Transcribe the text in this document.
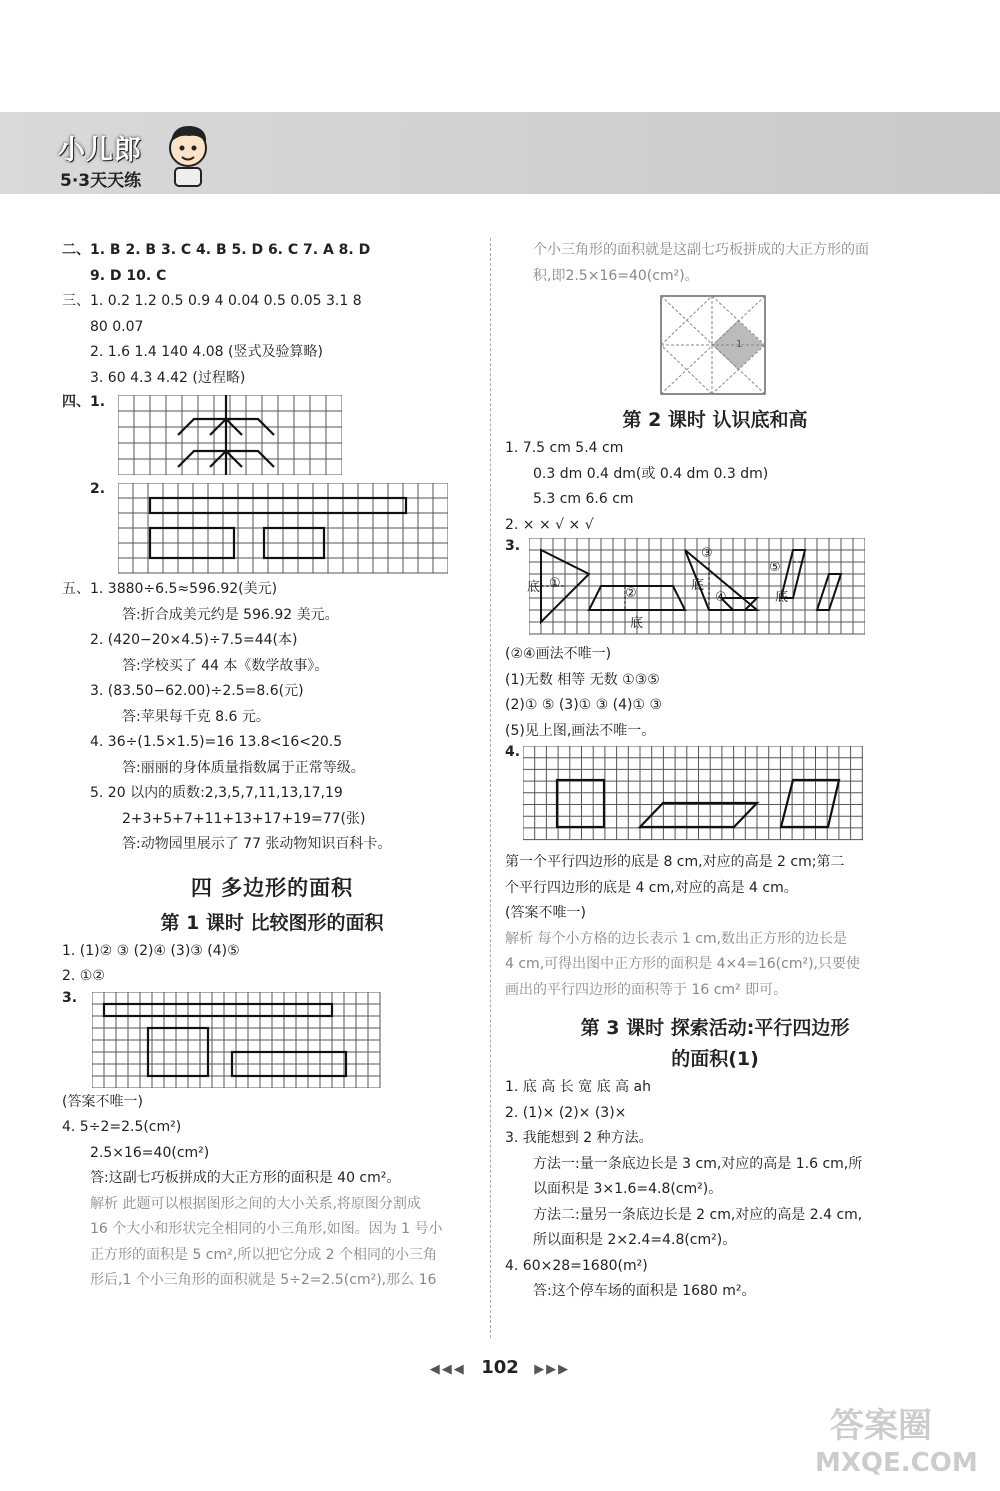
小儿郎
5·3天天练
二、1. B 2. B 3. C 4. B 5. D 6. C 7. A 8. D
9. D 10. C
三、1. 0.2 1.2 0.5 0.9 4 0.04 0.5 0.05 3.1 8
80 0.07
2. 1.6 1.4 140 4.08 (竖式及验算略)
3. 60 4.3 4.42 (过程略)
四、1.
2.
五、1. 3880÷6.5≈596.92(美元)
答:折合成美元约是 596.92 美元。
2. (420−20×4.5)÷7.5=44(本)
答:学校买了 44 本《数学故事》。
3. (83.50−62.00)÷2.5=8.6(元)
答:苹果每千克 8.6 元。
4. 36÷(1.5×1.5)=16 13.8<16<20.5
答:丽丽的身体质量指数属于正常等级。
5. 20 以内的质数:2,3,5,7,11,13,17,19
2+3+5+7+11+13+17+19=77(张)
答:动物园里展示了 77 张动物知识百科卡。
四 多边形的面积
第 1 课时 比较图形的面积
1. (1)② ③ (2)④ (3)③ (4)⑤
2. ①②
3.
(答案不唯一)
4. 5÷2=2.5(cm²)
2.5×16=40(cm²)
答:这副七巧板拼成的大正方形的面积是 40 cm²。
解析 此题可以根据图形之间的大小关系,将原图分割成
16 个大小和形状完全相同的小三角形,如图。因为 1 号小
正方形的面积是 5 cm²,所以把它分成 2 个相同的小三角
形后,1 个小三角形的面积就是 5÷2=2.5(cm²),那么 16
个小三角形的面积就是这副七巧板拼成的大正方形的面
积,即2.5×16=40(cm²)。
1
第 2 课时 认识底和高
1. 7.5 cm 5.4 cm
0.3 dm 0.4 dm(或 0.4 dm 0.3 dm)
5.3 cm 6.6 cm
2. × × √ × √
3.
底 ①
②
底
③
底
④
⑤
底
(②④画法不唯一)
(1)无数 相等 无数 ①③⑤
(2)① ⑤ (3)① ③ (4)① ③
(5)见上图,画法不唯一。
4.
第一个平行四边形的底是 8 cm,对应的高是 2 cm;第二
个平行四边形的底是 4 cm,对应的高是 4 cm。
(答案不唯一)
解析 每个小方格的边长表示 1 cm,数出正方形的边长是
4 cm,可得出图中正方形的面积是 4×4=16(cm²),只要使
画出的平行四边形的面积等于 16 cm² 即可。
第 3 课时 探索活动:平行四边形
的面积(1)
1. 底 高 长 宽 底 高 ah
2. (1)× (2)× (3)×
3. 我能想到 2 种方法。
方法一:量一条底边长是 3 cm,对应的高是 1.6 cm,所
以面积是 3×1.6=4.8(cm²)。
方法二:量另一条底边长是 2 cm,对应的高是 2.4 cm,
所以面积是 2×2.4=4.8(cm²)。
4. 60×28=1680(m²)
答:这个停车场的面积是 1680 m²。
◀◀◀ 102 ▶▶▶
答案圈
MXQE.COM
